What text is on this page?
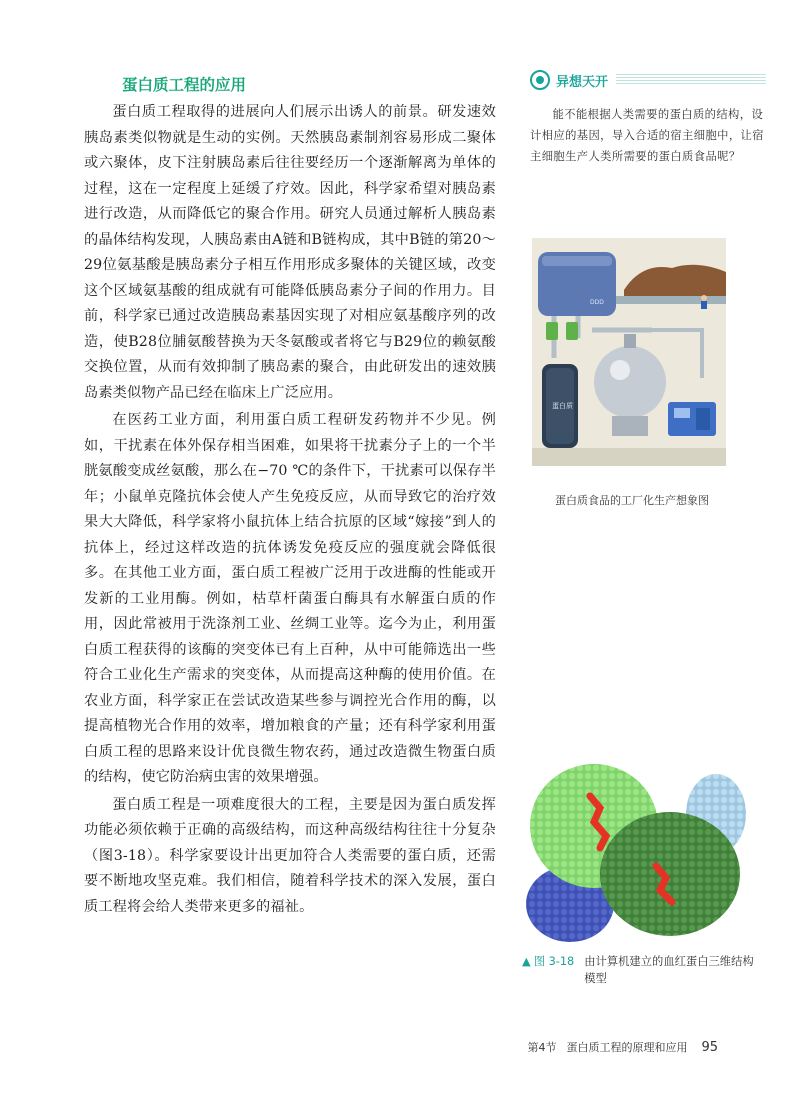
蛋白质工程的应用

蛋白质工程取得的进展向人们展示出诱人的前景。研发速效胰岛素类似物就是生动的实例。天然胰岛素制剂容易形成二聚体或六聚体，皮下注射胰岛素后往往要经历一个逐渐解离为单体的过程，这在一定程度上延缓了疗效。因此，科学家希望对胰岛素进行改造，从而降低它的聚合作用。研究人员通过解析人胰岛素的晶体结构发现，人胰岛素由A链和B链构成，其中B链的第20～29位氨基酸是胰岛素分子相互作用形成多聚体的关键区域，改变这个区域氨基酸的组成就有可能降低胰岛素分子间的作用力。目前，科学家已通过改造胰岛素基因实现了对相应氨基酸序列的改造，使B28位脯氨酸替换为天冬氨酸或者将它与B29位的赖氨酸交换位置，从而有效抑制了胰岛素的聚合，由此研发出的速效胰岛素类似物产品已经在临床上广泛应用。

在医药工业方面，利用蛋白质工程研发药物并不少见。例如，干扰素在体外保存相当困难，如果将干扰素分子上的一个半胱氨酸变成丝氨酸，那么在−70 ℃的条件下，干扰素可以保存半年；小鼠单克隆抗体会使人产生免疫反应，从而导致它的治疗效果大大降低，科学家将小鼠抗体上结合抗原的区域“嫁接”到人的抗体上，经过这样改造的抗体诱发免疫反应的强度就会降低很多。在其他工业方面，蛋白质工程被广泛用于改进酶的性能或开发新的工业用酶。例如，枯草杆菌蛋白酶具有水解蛋白质的作用，因此常被用于洗涤剂工业、丝绸工业等。迄今为止，利用蛋白质工程获得的该酶的突变体已有上百种，从中可能筛选出一些符合工业化生产需求的突变体，从而提高这种酶的使用价值。在农业方面，科学家正在尝试改造某些参与调控光合作用的酶，以提高植物光合作用的效率，增加粮食的产量；还有科学家利用蛋白质工程的思路来设计优良微生物农药，通过改造微生物蛋白质的结构，使它防治病虫害的效果增强。

蛋白质工程是一项难度很大的工程，主要是因为蛋白质发挥功能必须依赖于正确的高级结构，而这种高级结构往往十分复杂（图3-18）。科学家要设计出更加符合人类需要的蛋白质，还需要不断地攻坚克难。我们相信，随着科学技术的深入发展，蛋白质工程将会给人类带来更多的福祉。

异想天开

能不能根据人类需要的蛋白质的结构，设计相应的基因，导入合适的宿主细胞中，让宿主细胞生产人类所需要的蛋白质食品呢？

DDD
蛋白质
蛋白质食品的工厂化生产想象图
▲ 图 3-18 由计算机建立的血红蛋白三维结构模型
第4节 蛋白质工程的原理和应用 95
